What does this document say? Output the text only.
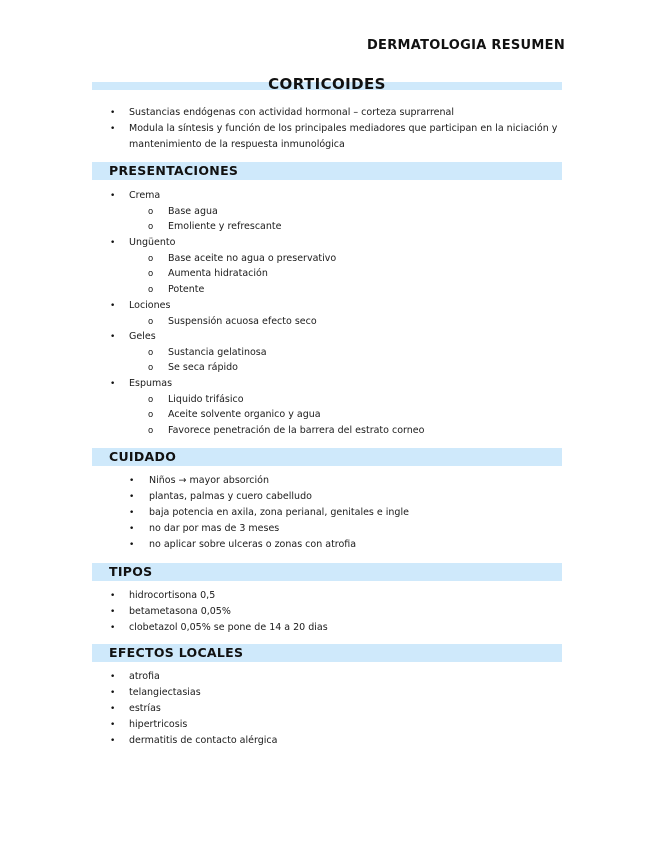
DERMATOLOGIA RESUMEN
CORTICOIDES
• Sustancias endógenas con actividad hormonal – corteza suprarrenal
• Modula la síntesis y función de los principales mediadores que participan en la niciación y
mantenimiento de la respuesta inmunológica
PRESENTACIONES
• Crema
o Base agua
o Emoliente y refrescante
• Ungüento
o Base aceite no agua o preservativo
o Aumenta hidratación
o Potente
• Lociones
o Suspensión acuosa efecto seco
• Geles
o Sustancia gelatinosa
o Se seca rápido
• Espumas
o Liquido trifásico
o Aceite solvente organico y agua
o Favorece penetración de la barrera del estrato corneo
CUIDADO
• Niños → mayor absorción
• plantas, palmas y cuero cabelludo
• baja potencia en axila, zona perianal, genitales e ingle
• no dar por mas de 3 meses
• no aplicar sobre ulceras o zonas con atrofia
TIPOS
• hidrocortisona 0,5
• betametasona 0,05%
• clobetazol 0,05% se pone de 14 a 20 dias
EFECTOS LOCALES
• atrofia
• telangiectasias
• estrías
• hipertricosis
• dermatitis de contacto alérgica
